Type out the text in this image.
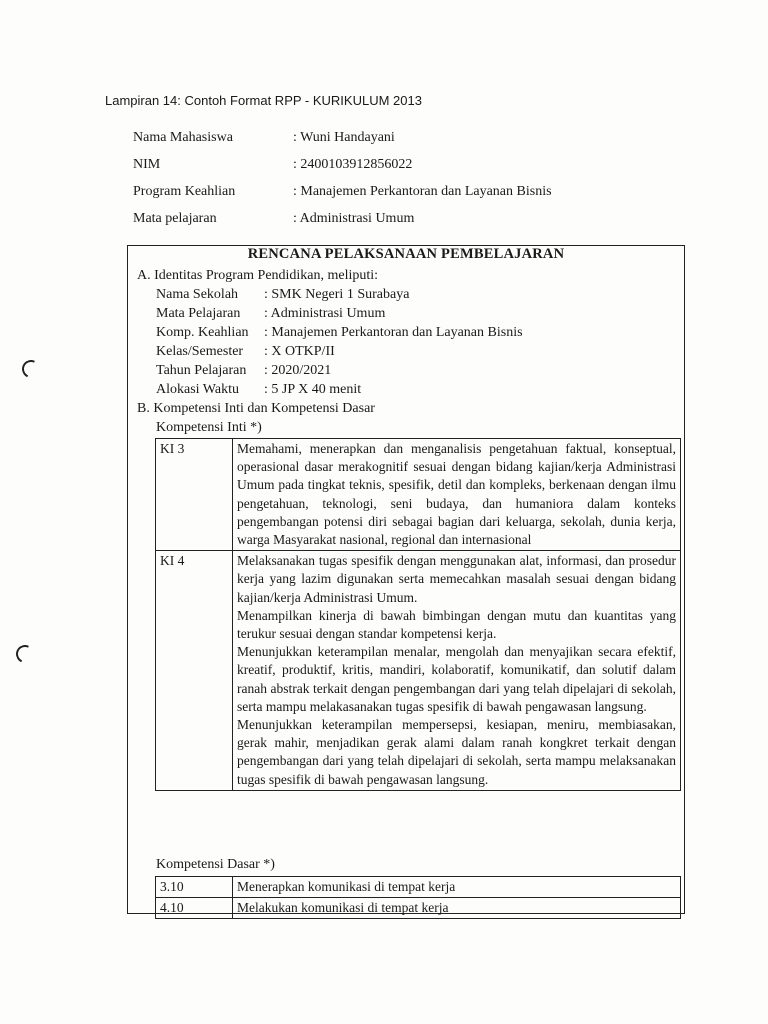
Lampiran 14: Contoh Format RPP - KURIKULUM 2013
Nama Mahasiswa	: Wuni Handayani
NIM	: 2400103912856022
Program Keahlian	: Manajemen Perkantoran dan Layanan Bisnis
Mata pelajaran	: Administrasi Umum
RENCANA PELAKSANAAN PEMBELAJARAN
A. Identitas Program Pendidikan, meliputi:
Nama Sekolah : SMK Negeri 1 Surabaya
Mata Pelajaran : Administrasi Umum
Komp. Keahlian : Manajemen Perkantoran dan Layanan Bisnis
Kelas/Semester : X OTKP/II
Tahun Pelajaran : 2020/2021
Alokasi Waktu : 5 JP X 40 menit
B. Kompetensi Inti dan Kompetensi Dasar
Kompetensi Inti *)
KI 3	Memahami, menerapkan dan menganalisis pengetahuan faktual, konseptual, operasional dasar merakognitif sesuai dengan bidang kajian/kerja Administrasi Umum pada tingkat teknis, spesifik, detil dan kompleks, berkenaan dengan ilmu pengetahuan, teknologi, seni budaya, dan humaniora dalam konteks pengembangan potensi diri sebagai bagian dari keluarga, sekolah, dunia kerja, warga Masyarakat nasional, regional dan internasional

KI 4	Melaksanakan tugas spesifik dengan menggunakan alat, informasi, dan prosedur kerja yang lazim digunakan serta memecahkan masalah sesuai dengan bidang kajian/kerja Administrasi Umum.
Menampilkan kinerja di bawah bimbingan dengan mutu dan kuantitas yang terukur sesuai dengan standar kompetensi kerja.
Menunjukkan keterampilan menalar, mengolah dan menyajikan secara efektif, kreatif, produktif, kritis, mandiri, kolaboratif, komunikatif, dan solutif dalam ranah abstrak terkait dengan pengembangan dari yang telah dipelajari di sekolah, serta mampu melakasanakan tugas spesifik di bawah pengawasan langsung.
Menunjukkan keterampilan mempersepsi, kesiapan, meniru, membiasakan, gerak mahir, menjadikan gerak alami dalam ranah kongkret terkait dengan pengembangan dari yang telah dipelajari di sekolah, serta mampu melaksanakan tugas spesifik di bawah pengawasan langsung.
Kompetensi Dasar *)
3.10	Menerapkan komunikasi di tempat kerja
4.10	Melakukan komunikasi di tempat kerja
